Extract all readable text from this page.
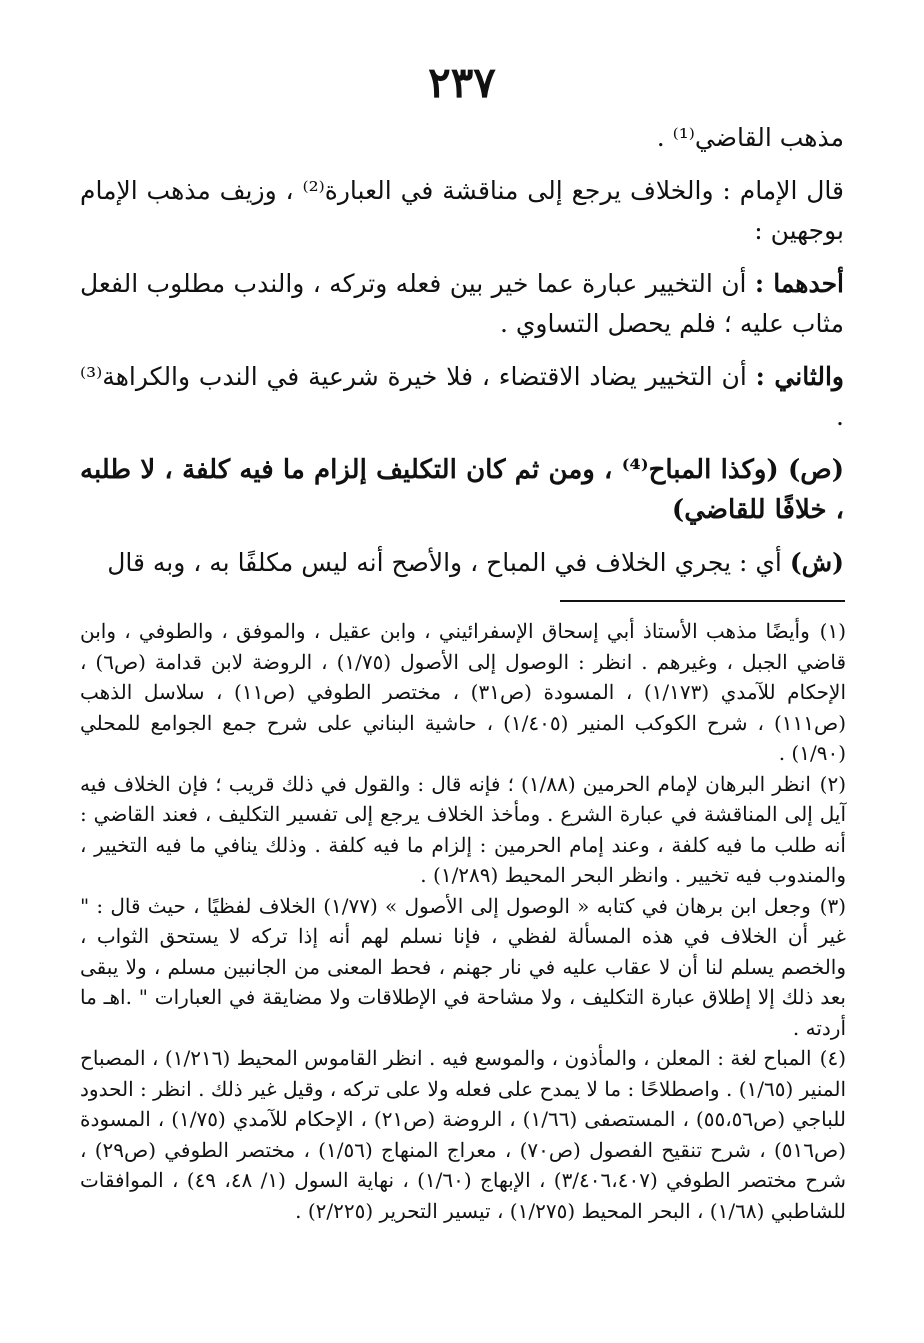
٢٣٧

مذهب القاضي⁽¹⁾ .

قال الإمام : والخلاف يرجع إلى مناقشة في العبارة⁽²⁾ ، وزيف مذهب الإمام بوجهين :

أحدهما : أن التخيير عبارة عما خير بين فعله وتركه ، والندب مطلوب الفعل مثاب عليه ؛ فلم يحصل التساوي .

والثاني : أن التخيير يضاد الاقتضاء ، فلا خيرة شرعية في الندب والكراهة⁽³⁾ .

(ص) (وكذا المباح⁽⁴⁾ ، ومن ثم كان التكليف إلزام ما فيه كلفة ، لا طلبه ، خلافًا للقاضي)

(ش) أي : يجري الخلاف في المباح ، والأصح أنه ليس مكلفًا به ، وبه قال

(١) وأيضًا مذهب الأستاذ أبي إسحاق الإسفرائيني ، وابن عقيل ، والموفق ، والطوفي ، وابن قاضي الجبل ، وغيرهم . انظر : الوصول إلى الأصول (١/٧٥) ، الروضة لابن قدامة (ص٦) ، الإحكام للآمدي (١/١٧٣) ، المسودة (ص٣١) ، مختصر الطوفي (ص١١) ، سلاسل الذهب (ص١١١) ، شرح الكوكب المنير (١/٤٠٥) ، حاشية البناني على شرح جمع الجوامع للمحلي (١/٩٠) .

(٢) انظر البرهان لإمام الحرمين (١/٨٨) ؛ فإنه قال : والقول في ذلك قريب ؛ فإن الخلاف فيه آيل إلى المناقشة في عبارة الشرع . ومأخذ الخلاف يرجع إلى تفسير التكليف ، فعند القاضي : أنه طلب ما فيه كلفة ، وعند إمام الحرمين : إلزام ما فيه كلفة . وذلك ينافي ما فيه التخيير ، والمندوب فيه تخيير . وانظر البحر المحيط (١/٢٨٩) .

(٣) وجعل ابن برهان في كتابه « الوصول إلى الأصول » (١/٧٧) الخلاف لفظيًا ، حيث قال : " غير أن الخلاف في هذه المسألة لفظي ، فإنا نسلم لهم أنه إذا تركه لا يستحق الثواب ، والخصم يسلم لنا أن لا عقاب عليه في نار جهنم ، فحط المعنى من الجانبين مسلم ، ولا يبقى بعد ذلك إلا إطلاق عبارة التكليف ، ولا مشاحة في الإطلاقات ولا مضايقة في العبارات " .اهـ ما أردته .

(٤) المباح لغة : المعلن ، والمأذون ، والموسع فيه . انظر القاموس المحيط (١/٢١٦) ، المصباح المنير (١/٦٥) . واصطلاحًا : ما لا يمدح على فعله ولا على تركه ، وقيل غير ذلك . انظر : الحدود للباجي (ص٥٥،٥٦) ، المستصفى (١/٦٦) ، الروضة (ص٢١) ، الإحكام للآمدي (١/٧٥) ، المسودة (ص٥١٦) ، شرح تنقيح الفصول (ص٧٠) ، معراج المنهاج (١/٥٦) ، مختصر الطوفي (ص٢٩) ، شرح مختصر الطوفي (٣/٤٠٦،٤٠٧) ، الإبهاج (١/٦٠) ، نهاية السول (١/ ٤٨، ٤٩) ، الموافقات للشاطبي (١/٦٨) ، البحر المحيط (١/٢٧٥) ، تيسير التحرير (٢/٢٢٥) .
